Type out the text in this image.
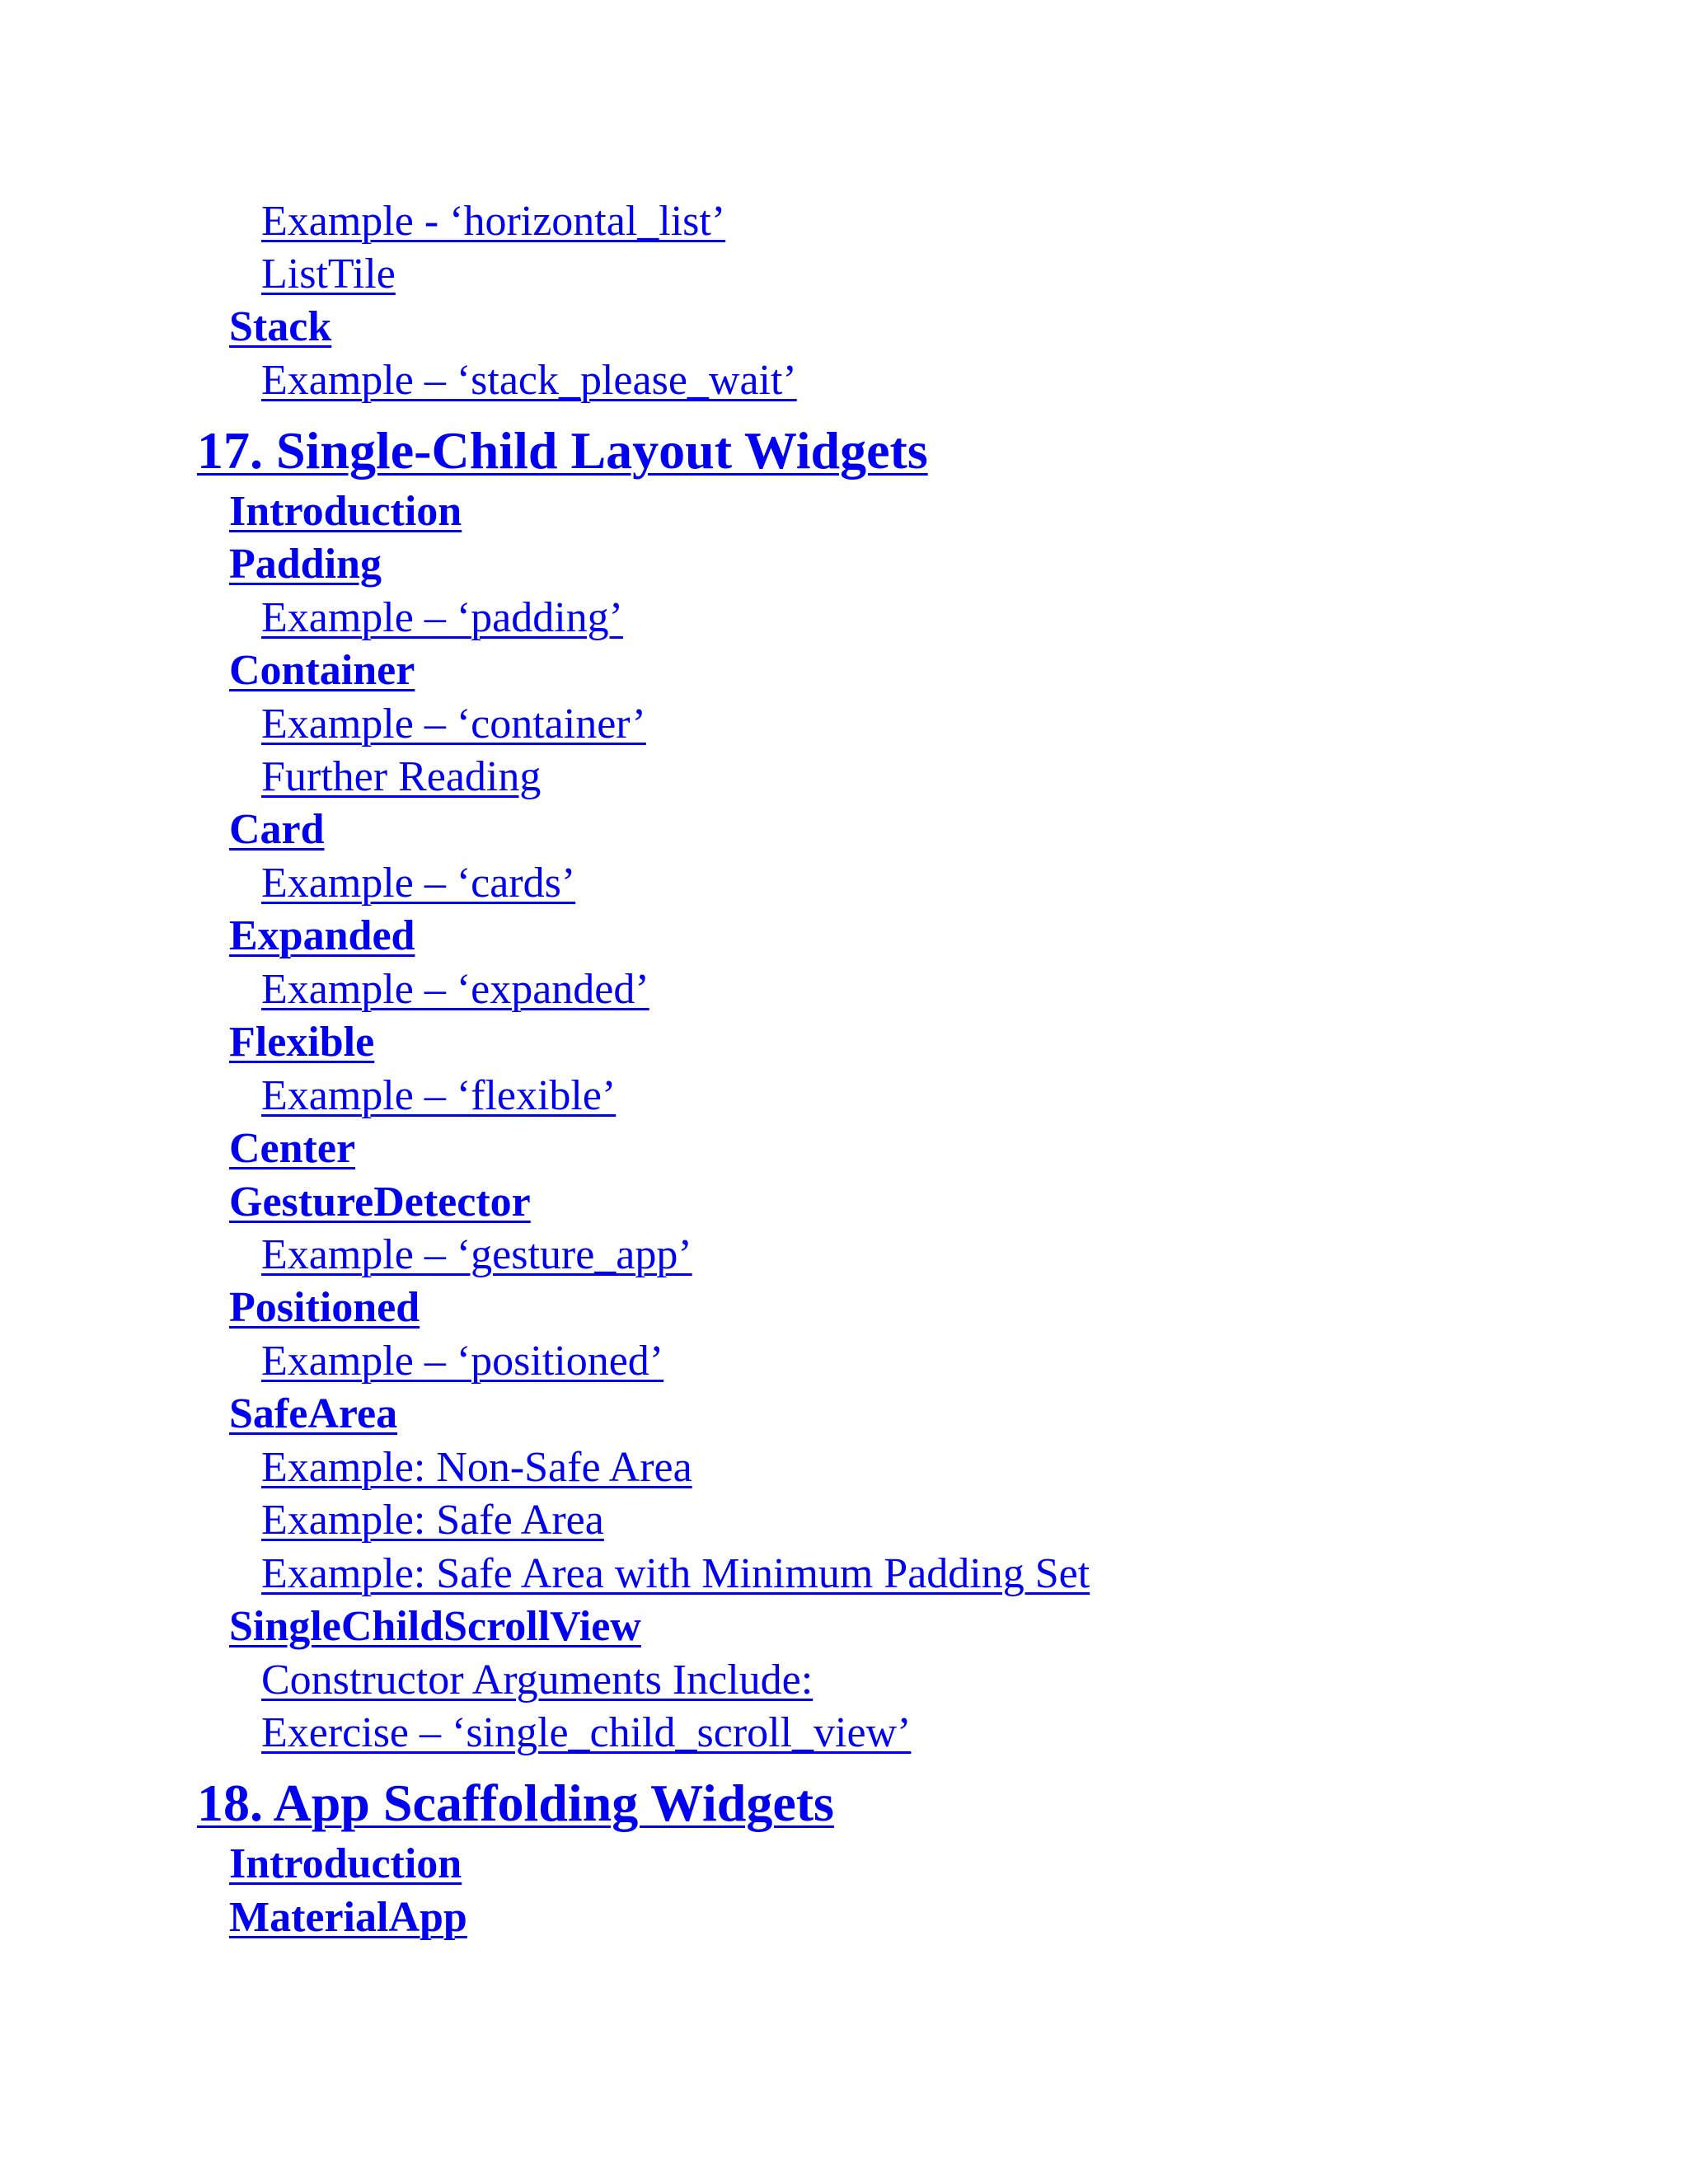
Example - ‘horizontal_list’
ListTile
Stack
Example – ‘stack_please_wait’
17. Single-Child Layout Widgets
Introduction
Padding
Example – ‘padding’
Container
Example – ‘container’
Further Reading
Card
Example – ‘cards’
Expanded
Example – ‘expanded’
Flexible
Example – ‘flexible’
Center
GestureDetector
Example – ‘gesture_app’
Positioned
Example – ‘positioned’
SafeArea
Example: Non-Safe Area
Example: Safe Area
Example: Safe Area with Minimum Padding Set
SingleChildScrollView
Constructor Arguments Include:
Exercise – ‘single_child_scroll_view’
18. App Scaffolding Widgets
Introduction
MaterialApp
